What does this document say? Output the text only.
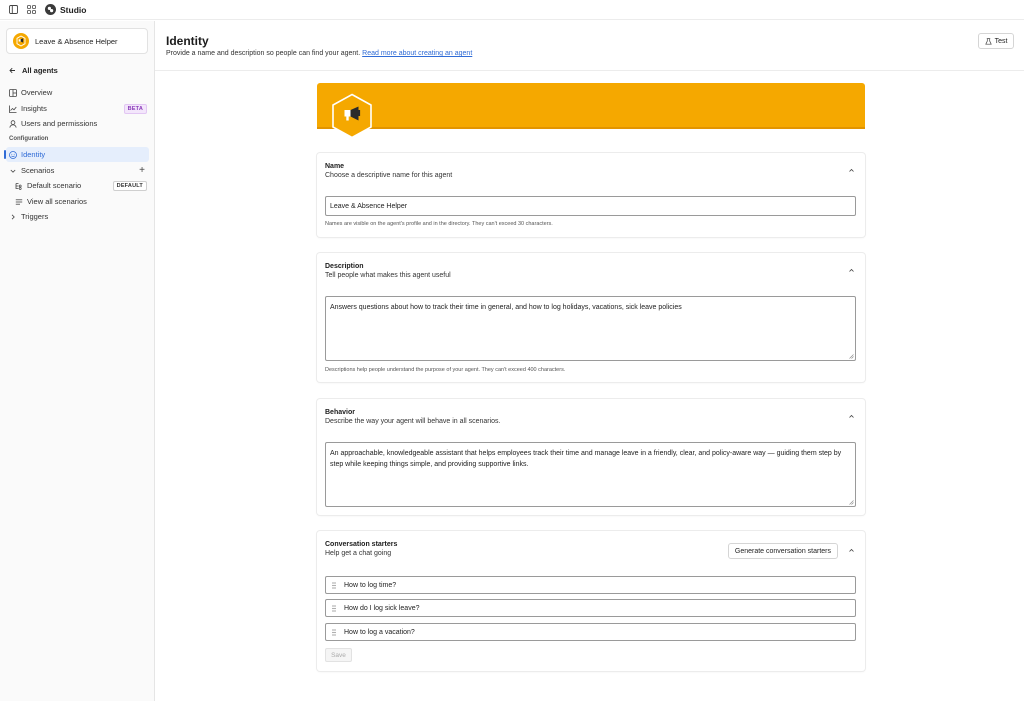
Studio
Leave & Absence Helper
All agents
Overview
Insights	BETA
Users and permissions
Configuration
Identity
Scenarios	+
Default scenario	DEFAULT
View all scenarios
Triggers
Identity
Provide a name and description so people can find your agent. Read more about creating an agent
Test
Name
Choose a descriptive name for this agent
Leave & Absence Helper
Names are visible on the agent's profile and in the directory. They can't exceed 30 characters.
Description
Tell people what makes this agent useful
Answers questions about how to track their time in general, and how to log holidays, vacations, sick leave policies
Descriptions help people understand the purpose of your agent. They can't exceed 400 characters.
Behavior
Describe the way your agent will behave in all scenarios.
An approachable, knowledgeable assistant that helps employees track their time and manage leave in a friendly, clear, and policy-aware way — guiding them step by step while keeping things simple, and providing supportive links.
Conversation starters
Help get a chat going	Generate conversation starters
How to log time?
How do I log sick leave?
How to log a vacation?
Save
